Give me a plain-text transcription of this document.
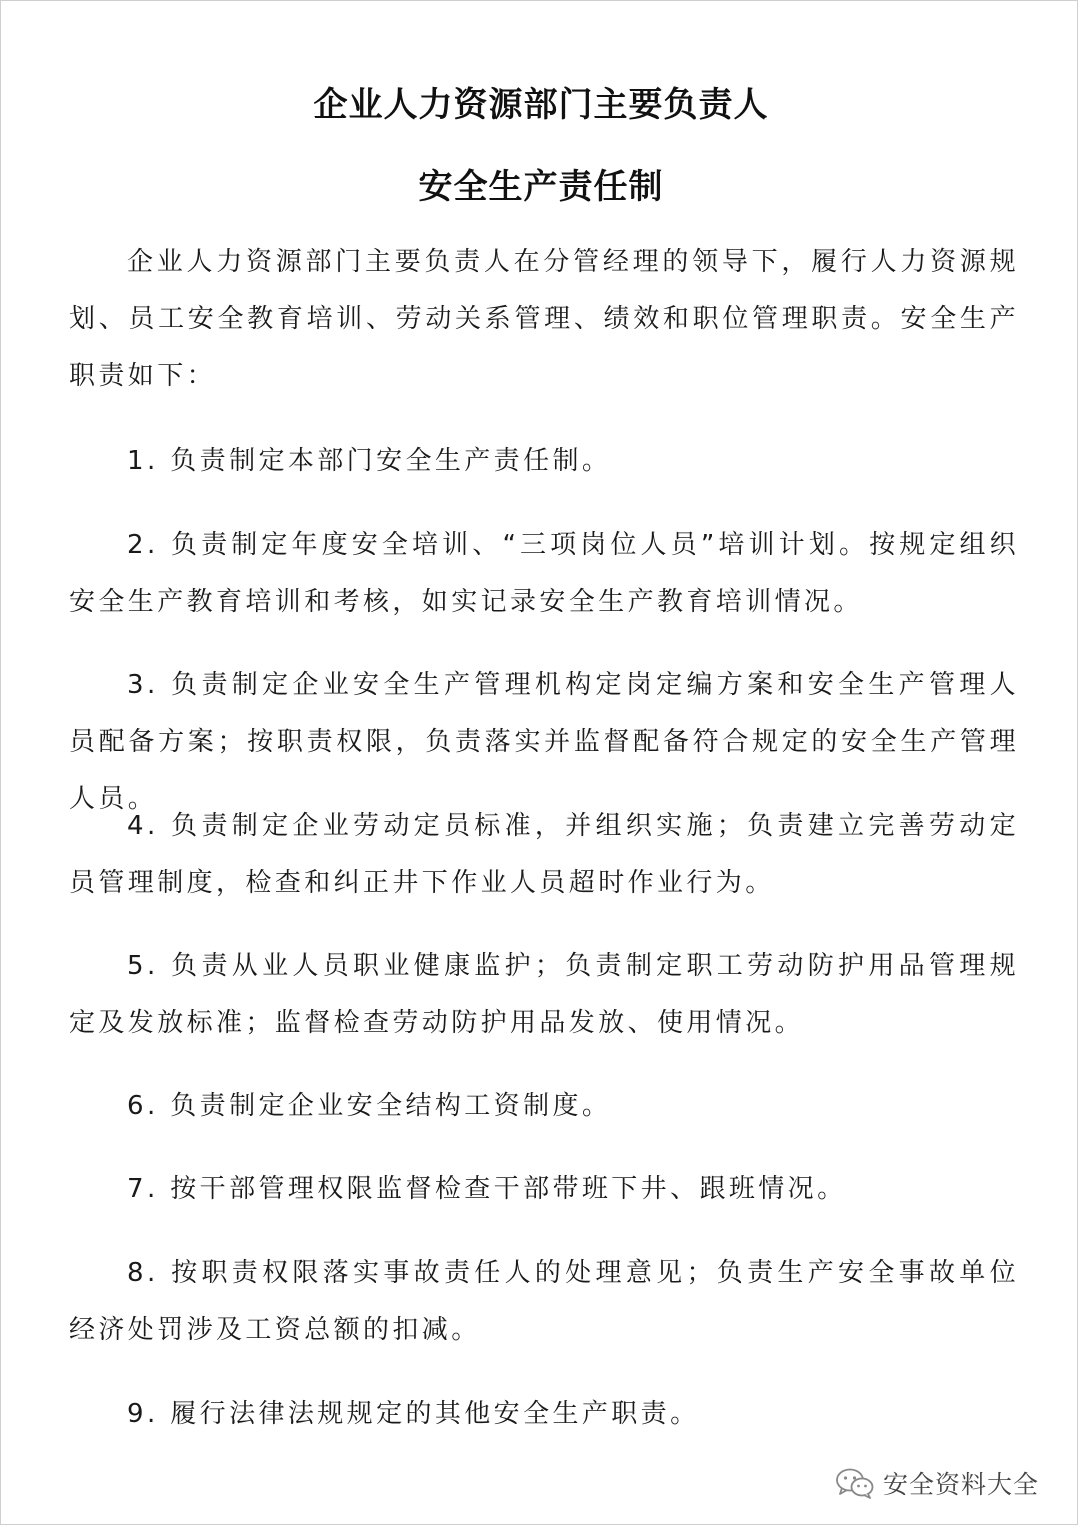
企业人力资源部门主要负责人
安全生产责任制
企业人力资源部门主要负责人在分管经理的领导下，履行人力资源规划、员工安全教育培训、劳动关系管理、绩效和职位管理职责。安全生产职责如下：
1. 负责制定本部门安全生产责任制。
2. 负责制定年度安全培训、“三项岗位人员”培训计划。按规定组织安全生产教育培训和考核，如实记录安全生产教育培训情况。
3. 负责制定企业安全生产管理机构定岗定编方案和安全生产管理人员配备方案；按职责权限，负责落实并监督配备符合规定的安全生产管理人员。
4. 负责制定企业劳动定员标准，并组织实施；负责建立完善劳动定员管理制度，检查和纠正井下作业人员超时作业行为。
5. 负责从业人员职业健康监护；负责制定职工劳动防护用品管理规定及发放标准；监督检查劳动防护用品发放、使用情况。
6. 负责制定企业安全结构工资制度。
7. 按干部管理权限监督检查干部带班下井、跟班情况。
8. 按职责权限落实事故责任人的处理意见；负责生产安全事故单位经济处罚涉及工资总额的扣减。
9. 履行法律法规规定的其他安全生产职责。
安全资料大全
